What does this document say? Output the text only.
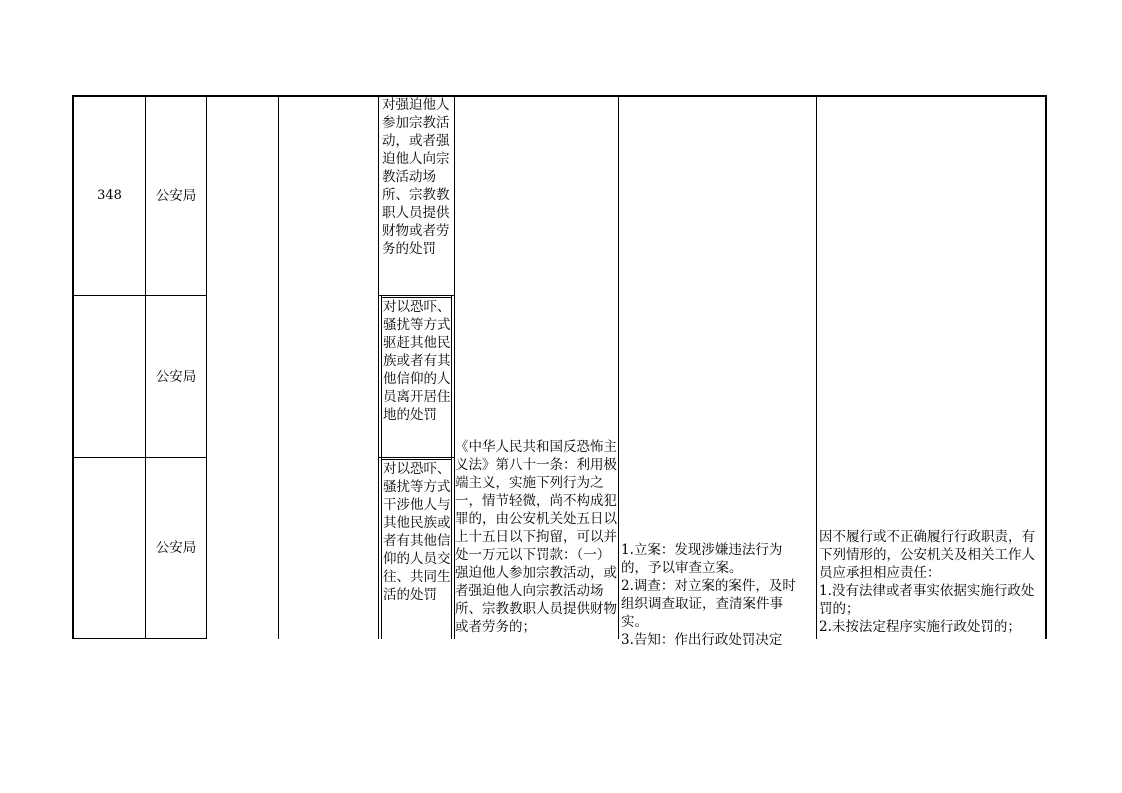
348	公安局
对强迫他人参加宗教活动，或者强迫他人向宗教活动场所、宗教教职人员提供财物或者劳务的处罚
公安局
对以恐吓、骚扰等方式驱赶其他民族或者有其他信仰的人员离开居住地的处罚
公安局
对以恐吓、骚扰等方式干涉他人与其他民族或者有其他信仰的人员交往、共同生活的处罚
《中华人民共和国反恐怖主义法》第八十一条：利用极端主义，实施下列行为之一，情节轻微，尚不构成犯罪的，由公安机关处五日以上十五日以下拘留，可以并处一万元以下罚款：（一）强迫他人参加宗教活动，或者强迫他人向宗教活动场所、宗教教职人员提供财物或者劳务的；
1.立案：发现涉嫌违法行为的，予以审查立案。
2.调查：对立案的案件，及时组织调查取证，查清案件事实。
3.告知：作出行政处罚决定
因不履行或不正确履行行政职责，有下列情形的，公安机关及相关工作人员应承担相应责任：
1.没有法律或者事实依据实施行政处罚的；
2.未按法定程序实施行政处罚的；
